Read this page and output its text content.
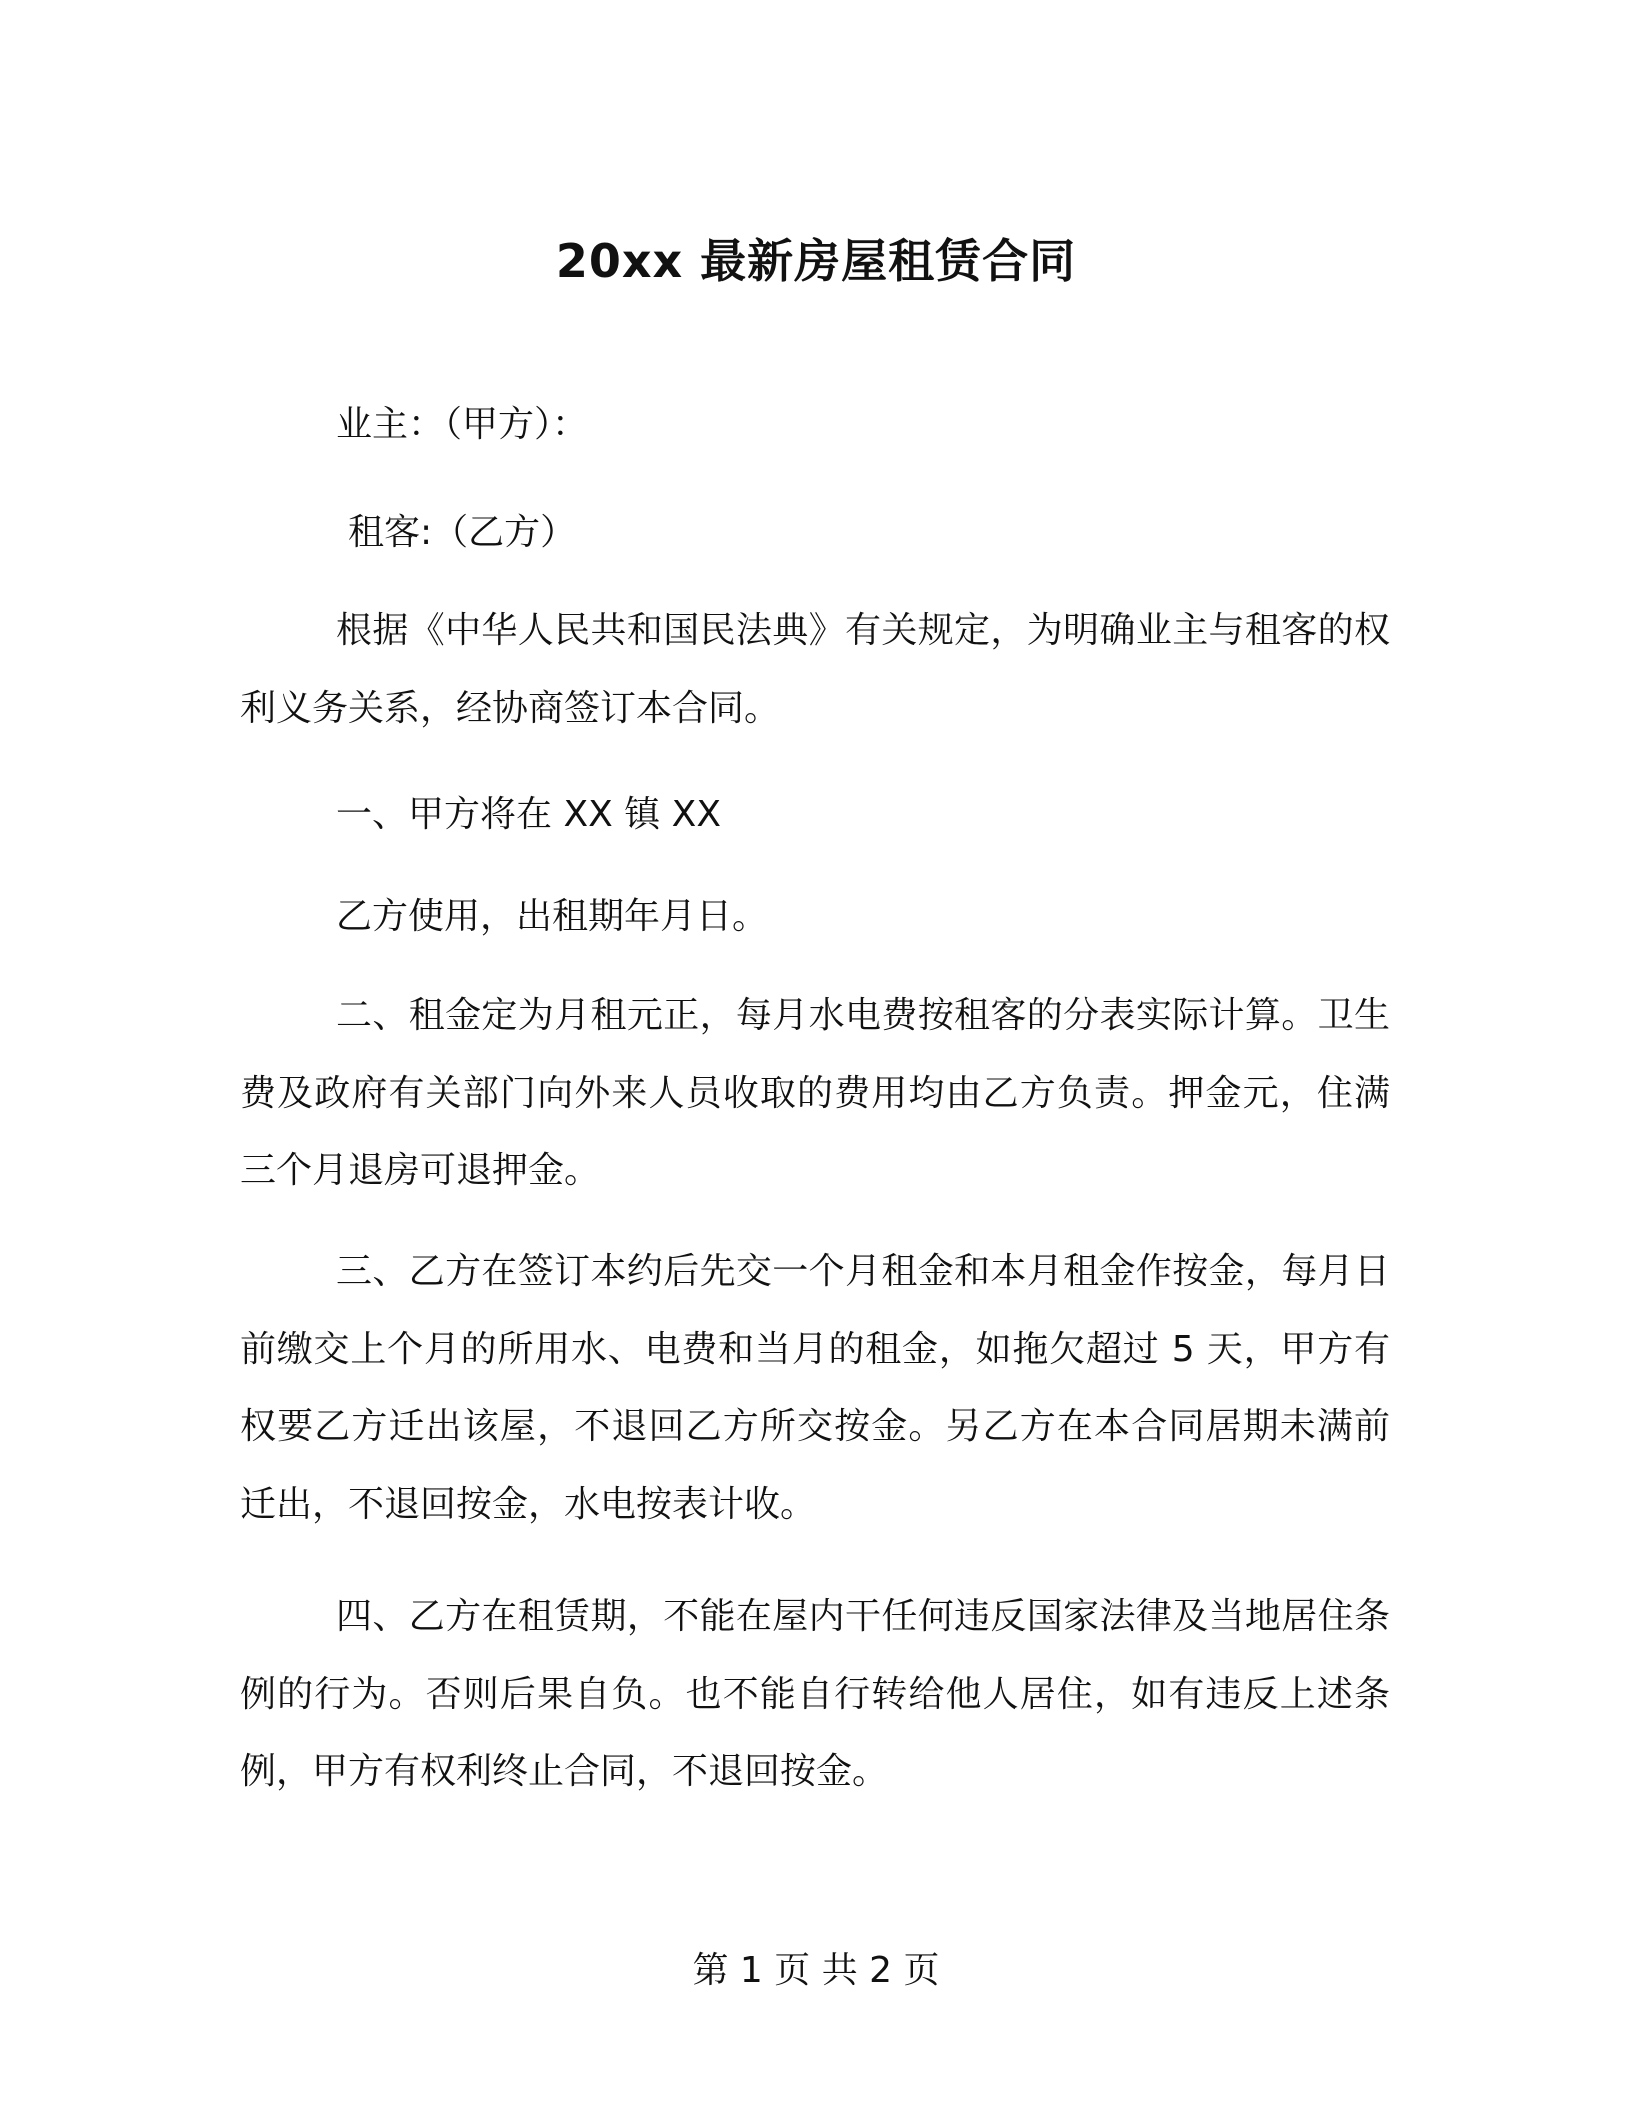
20xx 最新房屋租赁合同
业主：（甲方）：
租客:（乙方）
根据《中华人民共和国民法典》有关规定，为明确业主与租客的权利义务关系，经协商签订本合同。
一、甲方将在 XX 镇 XX
乙方使用，出租期年月日。
二、租金定为月租元正，每月水电费按租客的分表实际计算。卫生费及政府有关部门向外来人员收取的费用均由乙方负责。押金元，住满三个月退房可退押金。
三、乙方在签订本约后先交一个月租金和本月租金作按金，每月日前缴交上个月的所用水、电费和当月的租金，如拖欠超过 5 天，甲方有权要乙方迁出该屋，不退回乙方所交按金。另乙方在本合同居期未满前迁出，不退回按金，水电按表计收。
四、乙方在租赁期，不能在屋内干任何违反国家法律及当地居住条例的行为。否则后果自负。也不能自行转给他人居住，如有违反上述条例，甲方有权利终止合同，不退回按金。
第 1 页 共 2 页
